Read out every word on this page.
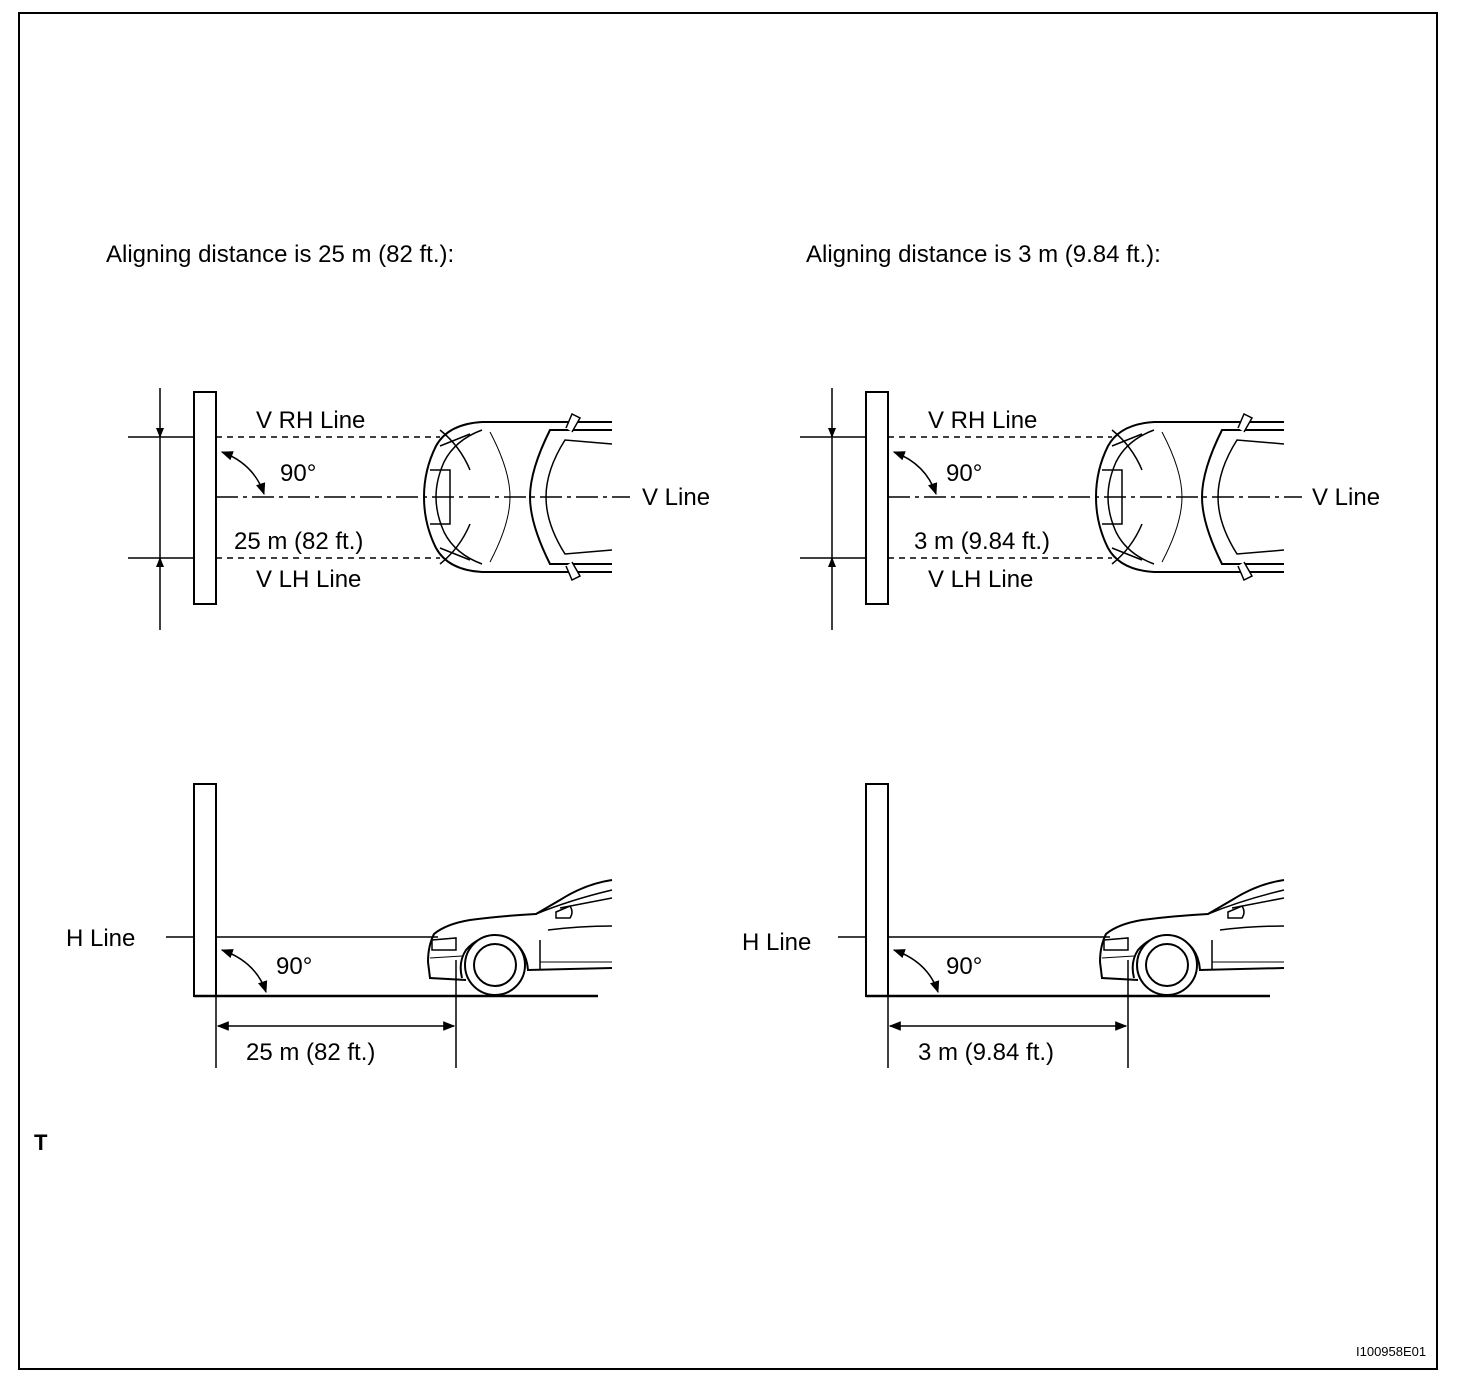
Aligning distance is 25 m (82 ft.):
V RH Line
90°
V Line
25 m (82 ft.)
V LH Line
H Line
90°
25 m (82 ft.)
Aligning distance is 3 m (9.84 ft.):
V RH Line
90°
V Line
3 m (9.84 ft.)
V LH Line
H Line
90°
3 m (9.84 ft.)
T
I100958E01
